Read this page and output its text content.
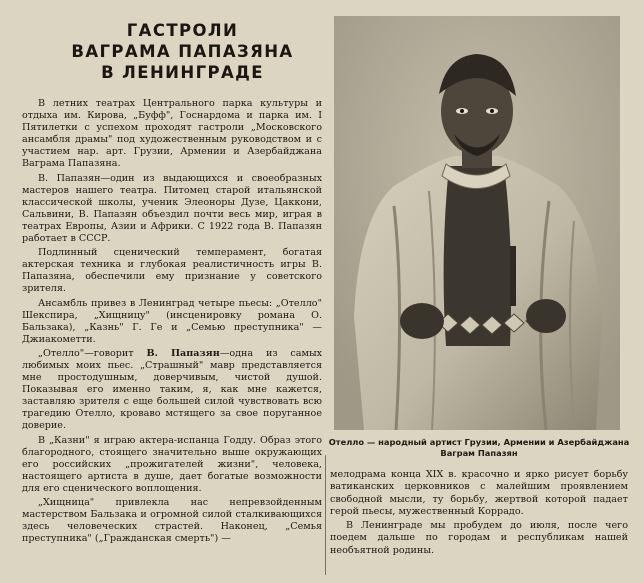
ГАСТРОЛИ
ВАГРАМА ПАПАЗЯНА
В ЛЕНИНГРАДЕ

В летних театрах Центрального парка культуры и отдыха им. Кирова, „Буфф", Госнардома и парка им. І Пятилетки с успехом проходят гастроли „Московского ансамбля драмы" под художественным руководством и с участием нар. арт. Грузии, Армении и Азербайджана Ваграма Папазяна.

В. Папазян—один из выдающихся и своеобразных мастеров нашего театра. Питомец старой итальянской классической школы, ученик Элеоноры Дузе, Цаккони, Сальвини, В. Папазян объездил почти весь мир, играя в театрах Европы, Азии и Африки. С 1922 года В. Папазян работает в СССР.

Подлинный сценический темперамент, богатая актерская техника и глубокая реалистичность игры В. Папазяна, обеспечили ему признание у советского зрителя.

Ансамбль привез в Ленинград четыре пьесы: „Отелло" Шекспира, „Хищницу" (инсценировку романа О. Бальзака), „Казнь" Г. Ге и „Семью преступника" — Джиакометти.

„Отелло"—говорит В. Папазян—одна из самых любимых моих пьес. „Страшный" мавр представляется мне простодушным, доверчивым, чистой душой. Показывая его именно таким, я, как мне кажется, заставляю зрителя с еще большей силой чувствовать всю трагедию Отелло, кроваво мстящего за свое поруганное доверие.

В „Казни" я играю актера-испанца Годду. Образ этого благородного, стоящего значительно выше окружающих его российских „прожигателей жизни", человека, настоящего артиста в душе, дает богатые возможности для его сценического воплощения.

„Хищница" привлекла нас непревзойденным мастерством Бальзака и огромной силой сталкивающихся здесь человеческих страстей. Наконец, „Семья преступника" („Гражданская смерть") —

Отелло — народный артист Грузии, Армении и Азербайджана Ваграм Папазян

мелодрама конца XIX в. красочно и ярко рисует борьбу ватиканских церковников с малейшим проявлением свободной мысли, ту борьбу, жертвой которой падает герой пьесы, мужественный Коррадо.

В Ленинграде мы пробудем до июля, после чего поедем дальше по городам и республикам нашей необъятной родины.
